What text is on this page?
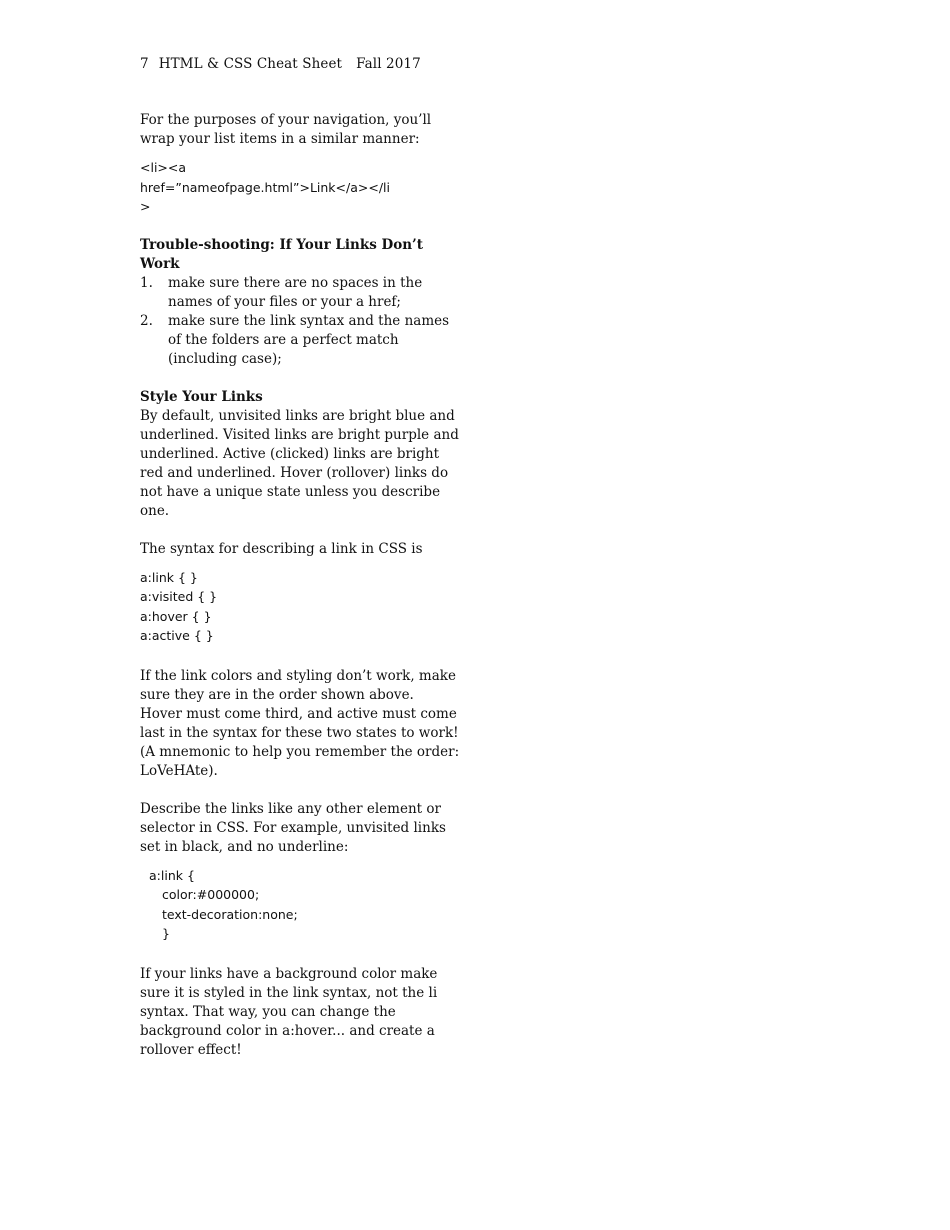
7 HTML & CSS Cheat Sheet Fall 2017

For the purposes of your navigation, you’ll wrap your list items in a similar manner:

<li><a

href=”nameofpage.html”>Link</a></li

>

Trouble-shooting: If Your Links Don’t Work

1.	make sure there are no spaces in the names of your files or your a href;
2.	make sure the link syntax and the names of the folders are a perfect match (including case);

Style Your Links

By default, unvisited links are bright blue and underlined. Visited links are bright purple and underlined. Active (clicked) links are bright red and underlined. Hover (rollover) links do not have a unique state unless you describe one.

The syntax for describing a link in CSS is

a:link { }

a:visited { }

a:hover { }

a:active { }

If the link colors and styling don’t work, make sure they are in the order shown above. Hover must come third, and active must come last in the syntax for these two states to work! (A mnemonic to help you remember the order: LoVeHAte).

Describe the links like any other element or selector in CSS. For example, unvisited links set in black, and no underline:

a:link {

color:#000000;

text-decoration:none;

}

If your links have a background color make sure it is styled in the link syntax, not the li syntax. That way, you can change the background color in a:hover... and create a rollover effect!
